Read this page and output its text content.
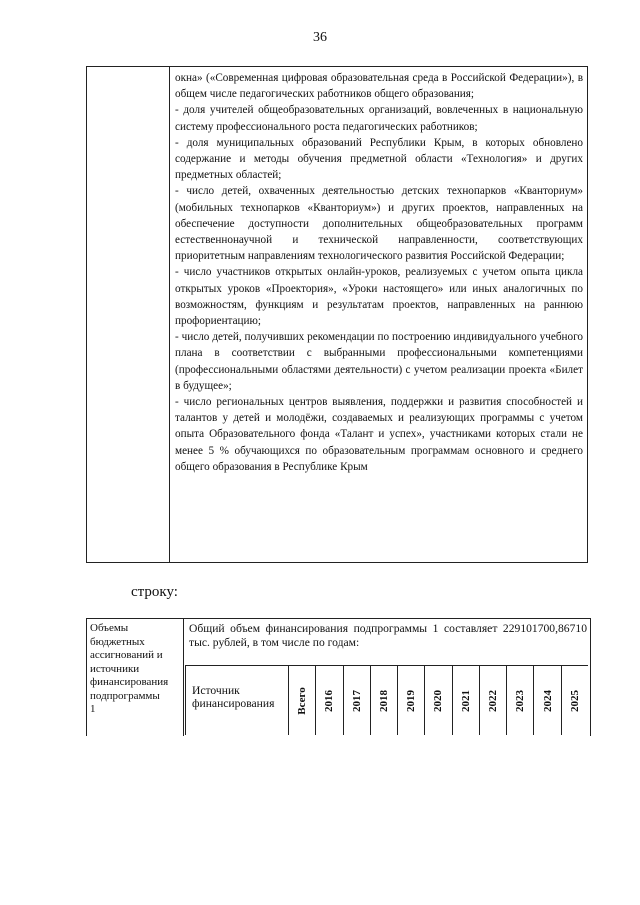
36

окна» («Современная цифровая образовательная среда в Российской Федерации»), в общем числе педагогических работников общего образования;

- доля учителей общеобразовательных организаций, вовлеченных в национальную систему профессионального роста педагогических работников;

- доля муниципальных образований Республики Крым, в которых обновлено содержание и методы обучения предметной области «Технология» и других предметных областей;

- число детей, охваченных деятельностью детских технопарков «Кванториум» (мобильных технопарков «Кванториум») и других проектов, направленных на обеспечение доступности дополнительных общеобразовательных программ естественнонаучной и технической направленности, соответствующих приоритетным направлениям технологического развития Российской Федерации;

- число участников открытых онлайн-уроков, реализуемых с учетом опыта цикла открытых уроков «Проектория», «Уроки настоящего» или иных аналогичных по возможностям, функциям и результатам проектов, направленных на раннюю профориентацию;

- число детей, получивших рекомендации по построению индивидуального учебного плана в соответствии с выбранными профессиональными компетенциями (профессиональными областями деятельности) с учетом реализации проекта «Билет в будущее»;

- число региональных центров выявления, поддержки и развития способностей и талантов у детей и молодёжи, создаваемых и реализующих программы с учетом опыта Образовательного фонда «Талант и успех», участниками которых стали не менее 5 % обучающихся по образовательным программам основного и среднего общего образования в Республике Крым

строку:
Объемы
бюджетных
ассигнований и
источники
финансирования
подпрограммы
1
Общий объем финансирования подпрограммы 1 составляет 229101700,86710 тыс. рублей, в том числе по годам:
Источник
финансирования	Всего 2016 2017 2018 2019 2020 2021 2022 2023 2024 2025
